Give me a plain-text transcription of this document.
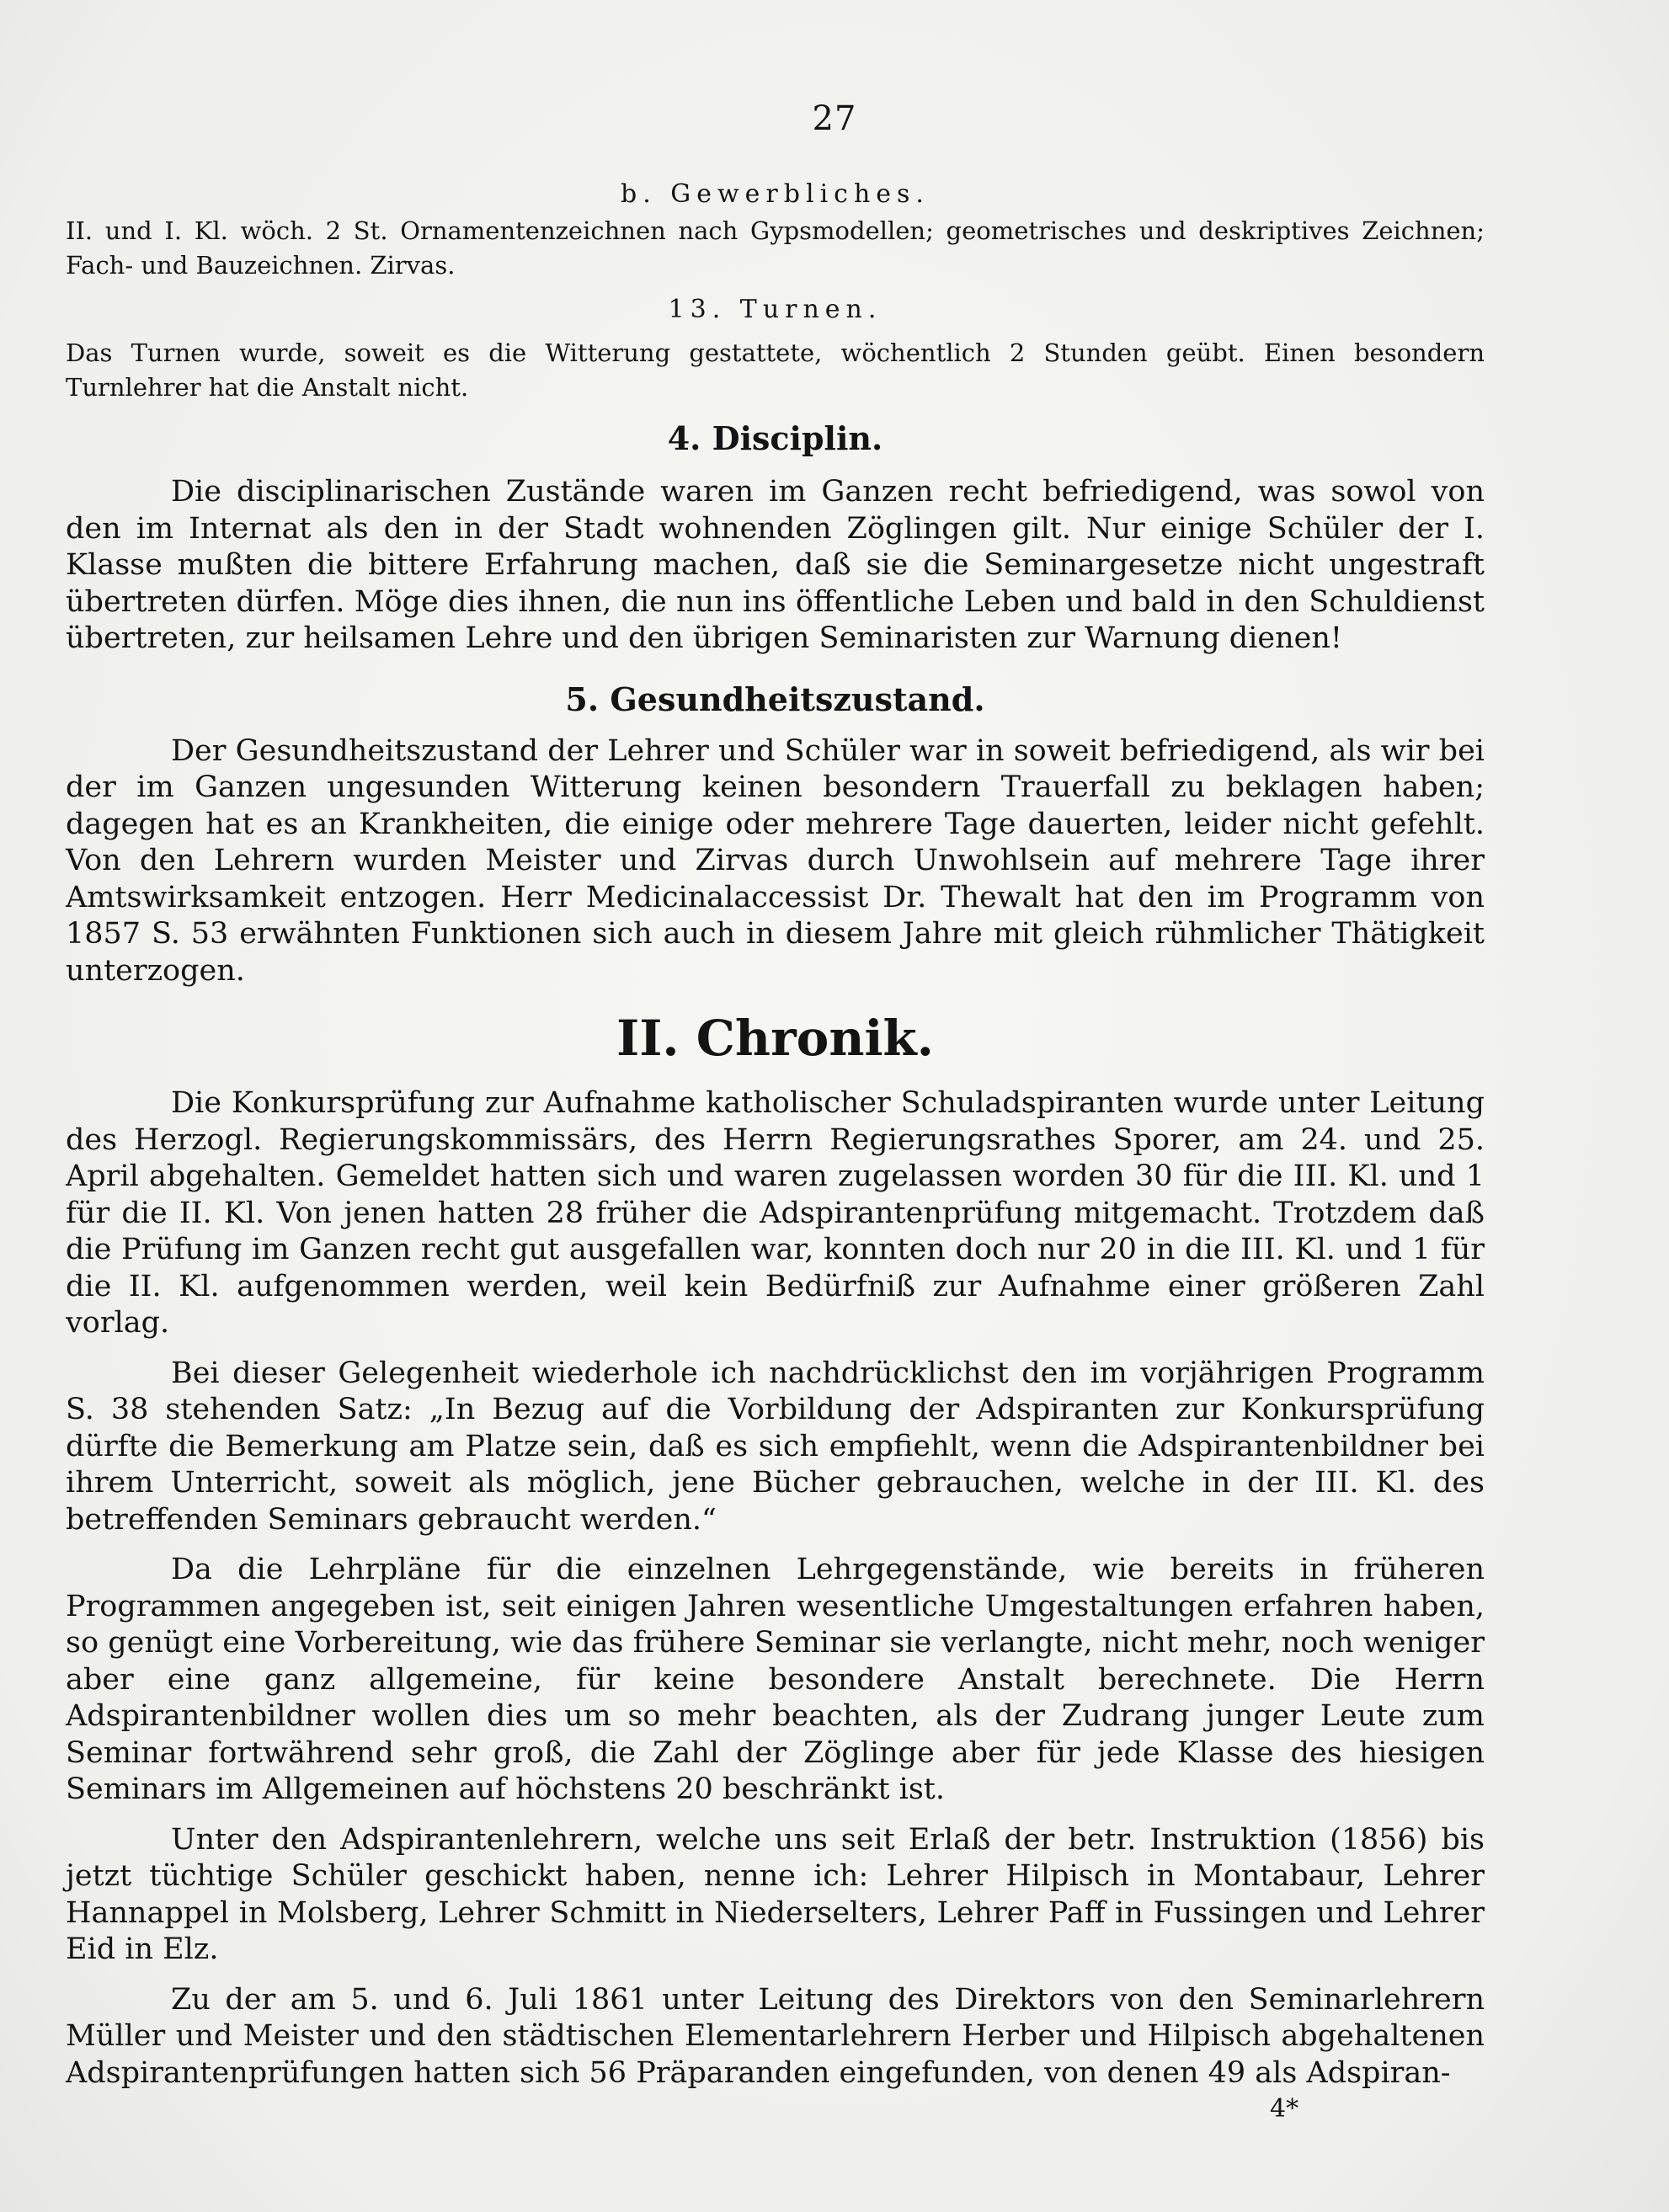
27
b. Gewerbliches.

II. und I. Kl. wöch. 2 St. Ornamentenzeichnen nach Gypsmodellen; geometrisches und deskriptives Zeichnen; Fach- und Bauzeichnen. Zirvas.

13. Turnen.

Das Turnen wurde, soweit es die Witterung gestattete, wöchentlich 2 Stunden geübt. Einen besondern Turnlehrer hat die Anstalt nicht.

4. Disciplin.

Die disciplinarischen Zustände waren im Ganzen recht befriedigend, was sowol von den im Internat als den in der Stadt wohnenden Zöglingen gilt. Nur einige Schüler der I. Klasse mußten die bittere Erfahrung machen, daß sie die Seminargesetze nicht ungestraft übertreten dürfen. Möge dies ihnen, die nun ins öffentliche Leben und bald in den Schuldienst übertreten, zur heilsamen Lehre und den übrigen Seminaristen zur Warnung dienen!

5. Gesundheitszustand.

Der Gesundheitszustand der Lehrer und Schüler war in soweit befriedigend, als wir bei der im Ganzen ungesunden Witterung keinen besondern Trauerfall zu beklagen haben; dagegen hat es an Krankheiten, die einige oder mehrere Tage dauerten, leider nicht gefehlt. Von den Lehrern wurden Meister und Zirvas durch Unwohlsein auf mehrere Tage ihrer Amtswirksamkeit entzogen. Herr Medicinalaccessist Dr. Thewalt hat den im Programm von 1857 S. 53 erwähnten Funktionen sich auch in diesem Jahre mit gleich rühmlicher Thätigkeit unterzogen.

II. Chronik.

Die Konkursprüfung zur Aufnahme katholischer Schuladspiranten wurde unter Leitung des Herzogl. Regierungskommissärs, des Herrn Regierungsrathes Sporer, am 24. und 25. April abgehalten. Gemeldet hatten sich und waren zugelassen worden 30 für die III. Kl. und 1 für die II. Kl. Von jenen hatten 28 früher die Adspirantenprüfung mitgemacht. Trotzdem daß die Prüfung im Ganzen recht gut ausgefallen war, konnten doch nur 20 in die III. Kl. und 1 für die II. Kl. aufgenommen werden, weil kein Bedürfniß zur Aufnahme einer größeren Zahl vorlag.

Bei dieser Gelegenheit wiederhole ich nachdrücklichst den im vorjährigen Programm S. 38 stehenden Satz: „In Bezug auf die Vorbildung der Adspiranten zur Konkursprüfung dürfte die Bemerkung am Platze sein, daß es sich empfiehlt, wenn die Adspirantenbildner bei ihrem Unterricht, soweit als möglich, jene Bücher gebrauchen, welche in der III. Kl. des betreffenden Seminars gebraucht werden.“

Da die Lehrpläne für die einzelnen Lehrgegenstände, wie bereits in früheren Programmen angegeben ist, seit einigen Jahren wesentliche Umgestaltungen erfahren haben, so genügt eine Vorbereitung, wie das frühere Seminar sie verlangte, nicht mehr, noch weniger aber eine ganz allgemeine, für keine besondere Anstalt berechnete. Die Herrn Adspirantenbildner wollen dies um so mehr beachten, als der Zudrang junger Leute zum Seminar fortwährend sehr groß, die Zahl der Zöglinge aber für jede Klasse des hiesigen Seminars im Allgemeinen auf höchstens 20 beschränkt ist.

Unter den Adspirantenlehrern, welche uns seit Erlaß der betr. Instruktion (1856) bis jetzt tüchtige Schüler geschickt haben, nenne ich: Lehrer Hilpisch in Montabaur, Lehrer Hannappel in Molsberg, Lehrer Schmitt in Niederselters, Lehrer Paff in Fussingen und Lehrer Eid in Elz.

Zu der am 5. und 6. Juli 1861 unter Leitung des Direktors von den Seminarlehrern Müller und Meister und den städtischen Elementarlehrern Herber und Hilpisch abgehaltenen Adspirantenprüfungen hatten sich 56 Präparanden eingefunden, von denen 49 als Adspiran-

4*
